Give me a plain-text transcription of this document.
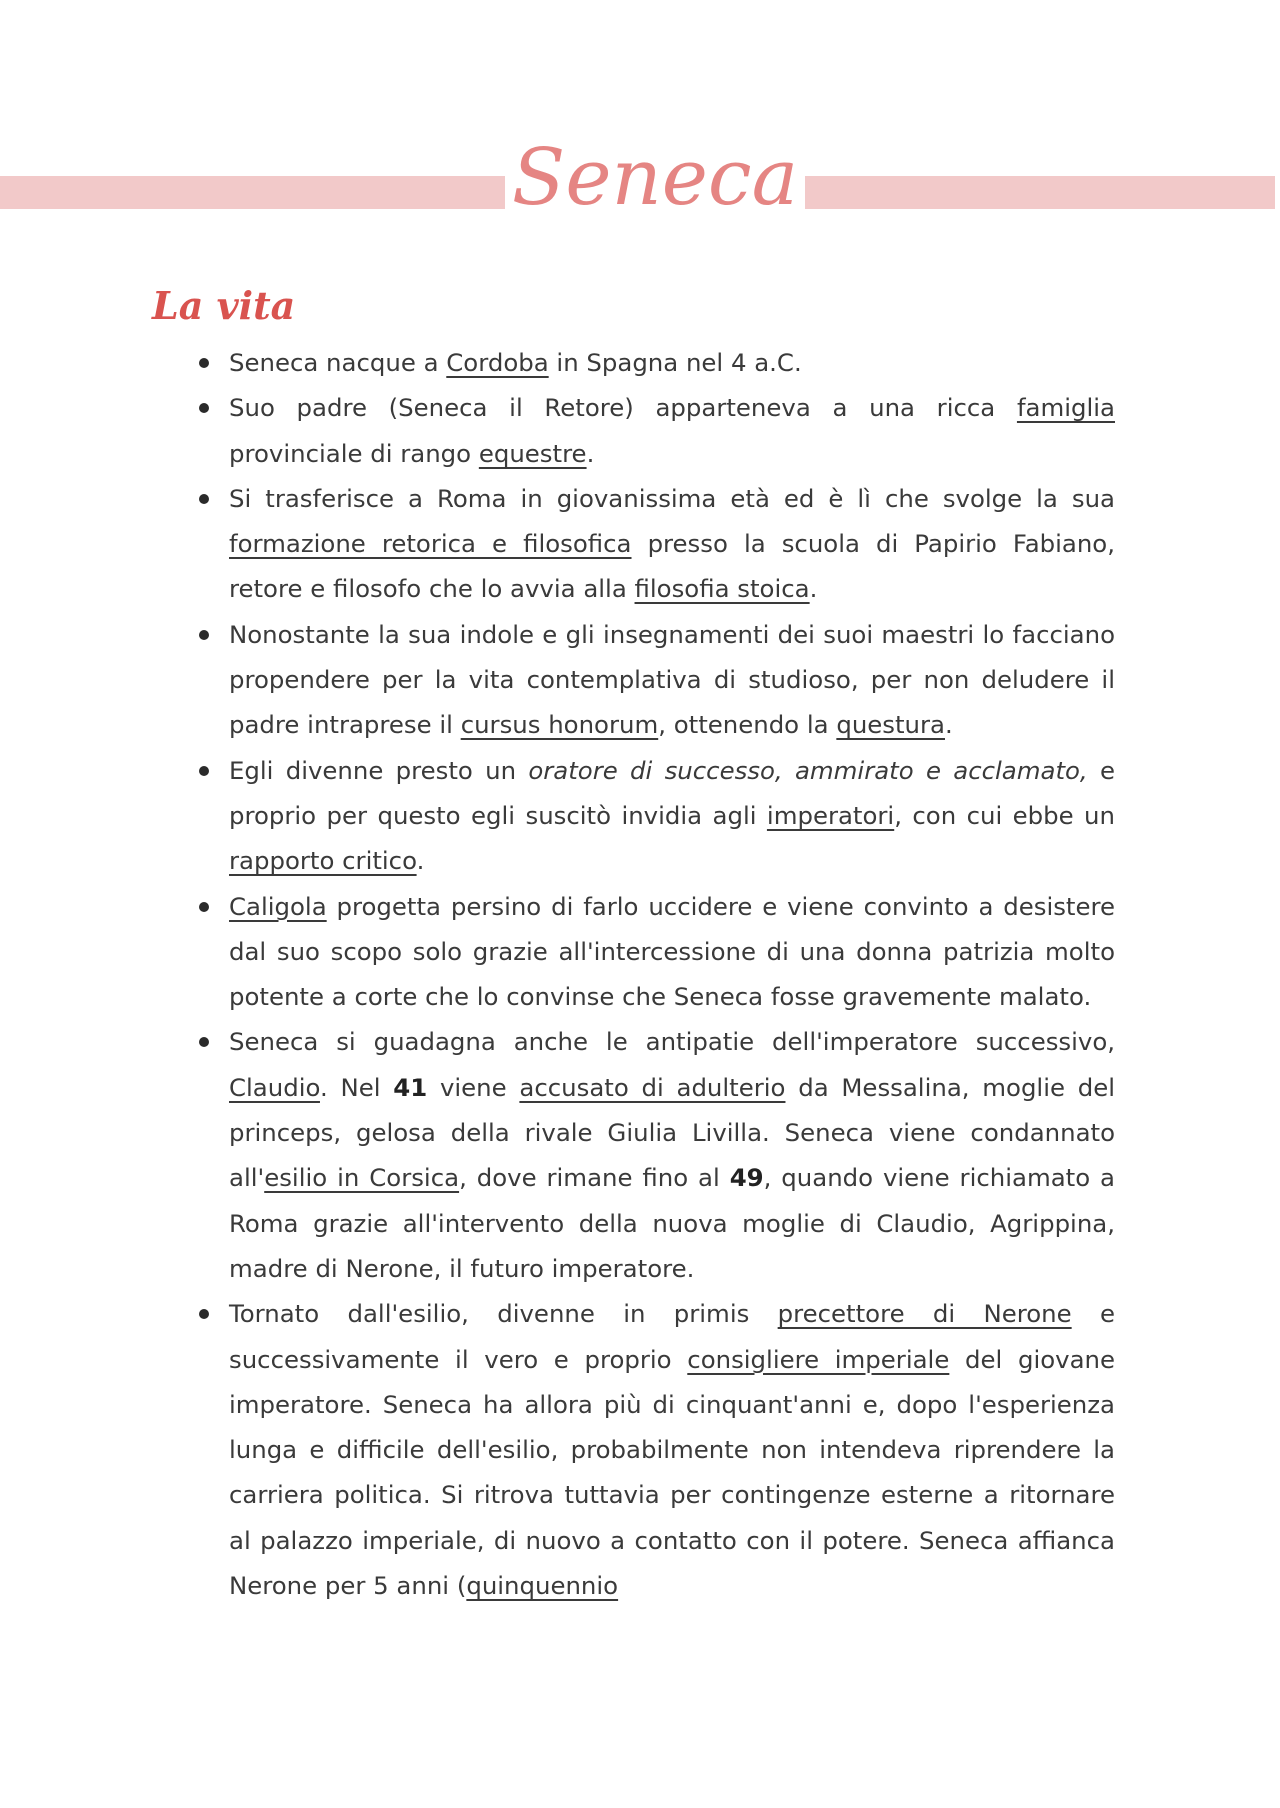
Seneca
La vita
Seneca nacque a Cordoba in Spagna nel 4 a.C.
Suo padre (Seneca il Retore) apparteneva a una ricca famiglia provinciale di rango equestre.
Si trasferisce a Roma in giovanissima età ed è lì che svolge la sua formazione retorica e filosofica presso la scuola di Papirio Fabiano, retore e filosofo che lo avvia alla filosofia stoica.
Nonostante la sua indole e gli insegnamenti dei suoi maestri lo facciano propendere per la vita contemplativa di studioso, per non deludere il padre intraprese il cursus honorum, ottenendo la questura.
Egli divenne presto un oratore di successo, ammirato e acclamato, e proprio per questo egli suscitò invidia agli imperatori, con cui ebbe un rapporto critico.
Caligola progetta persino di farlo uccidere e viene convinto a desistere dal suo scopo solo grazie all'intercessione di una donna patrizia molto potente a corte che lo convinse che Seneca fosse gravemente malato.
Seneca si guadagna anche le antipatie dell'imperatore successivo, Claudio. Nel 41 viene accusato di adulterio da Messalina, moglie del princeps, gelosa della rivale Giulia Livilla. Seneca viene condannato all'esilio in Corsica, dove rimane fino al 49, quando viene richiamato a Roma grazie all'intervento della nuova moglie di Claudio, Agrippina, madre di Nerone, il futuro imperatore.
Tornato dall'esilio, divenne in primis precettore di Nerone e successivamente il vero e proprio consigliere imperiale del giovane imperatore. Seneca ha allora più di cinquant'anni e, dopo l'esperienza lunga e difficile dell'esilio, probabilmente non intendeva riprendere la carriera politica. Si ritrova tuttavia per contingenze esterne a ritornare al palazzo imperiale, di nuovo a contatto con il potere. Seneca affianca Nerone per 5 anni (quinquennio
